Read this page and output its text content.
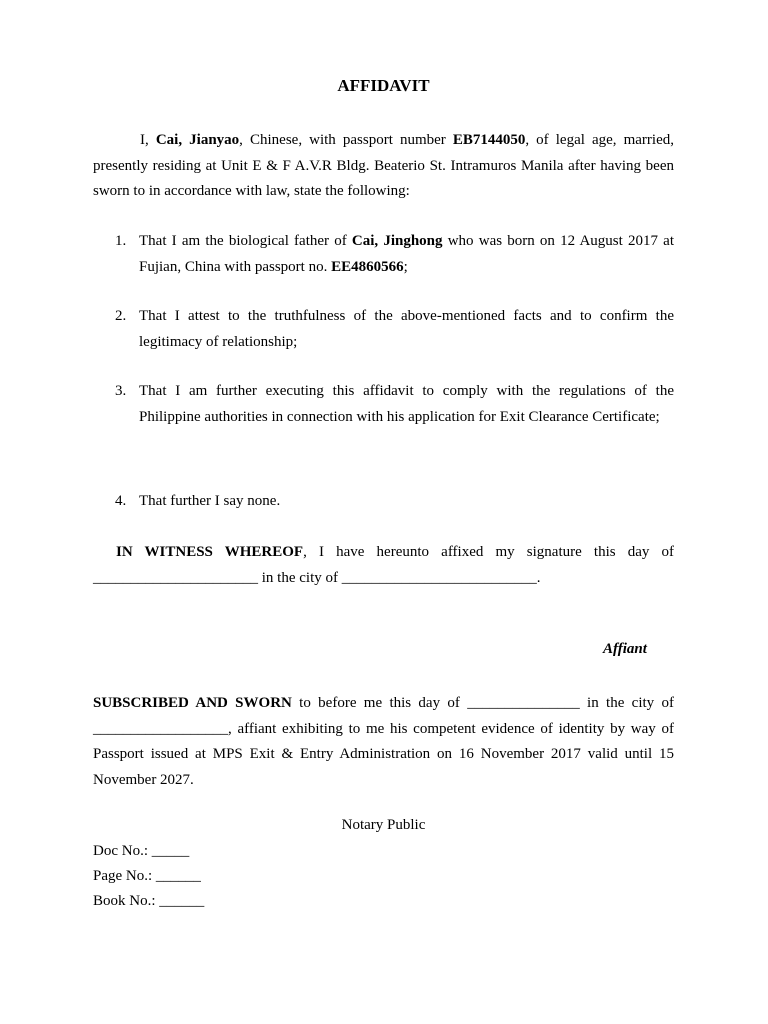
AFFIDAVIT
I, Cai, Jianyao, Chinese, with passport number EB7144050, of legal age, married, presently residing at Unit E & F A.V.R Bldg. Beaterio St. Intramuros Manila after having been sworn to in accordance with law, state the following:
1. That I am the biological father of Cai, Jinghong who was born on 12 August 2017 at Fujian, China with passport no. EE4860566;
2. That I attest to the truthfulness of the above-mentioned facts and to confirm the legitimacy of relationship;
3. That I am further executing this affidavit to comply with the regulations of the Philippine authorities in connection with his application for Exit Clearance Certificate;
4. That further I say none.
IN WITNESS WHEREOF, I have hereunto affixed my signature this day of ______________________ in the city of __________________________.
Affiant
SUBSCRIBED AND SWORN to before me this day of _______________ in the city of __________________, affiant exhibiting to me his competent evidence of identity by way of Passport issued at MPS Exit & Entry Administration on 16 November 2017 valid until 15 November 2027.
Notary Public
Doc No.: _____
Page No.: ______
Book No.: ______
